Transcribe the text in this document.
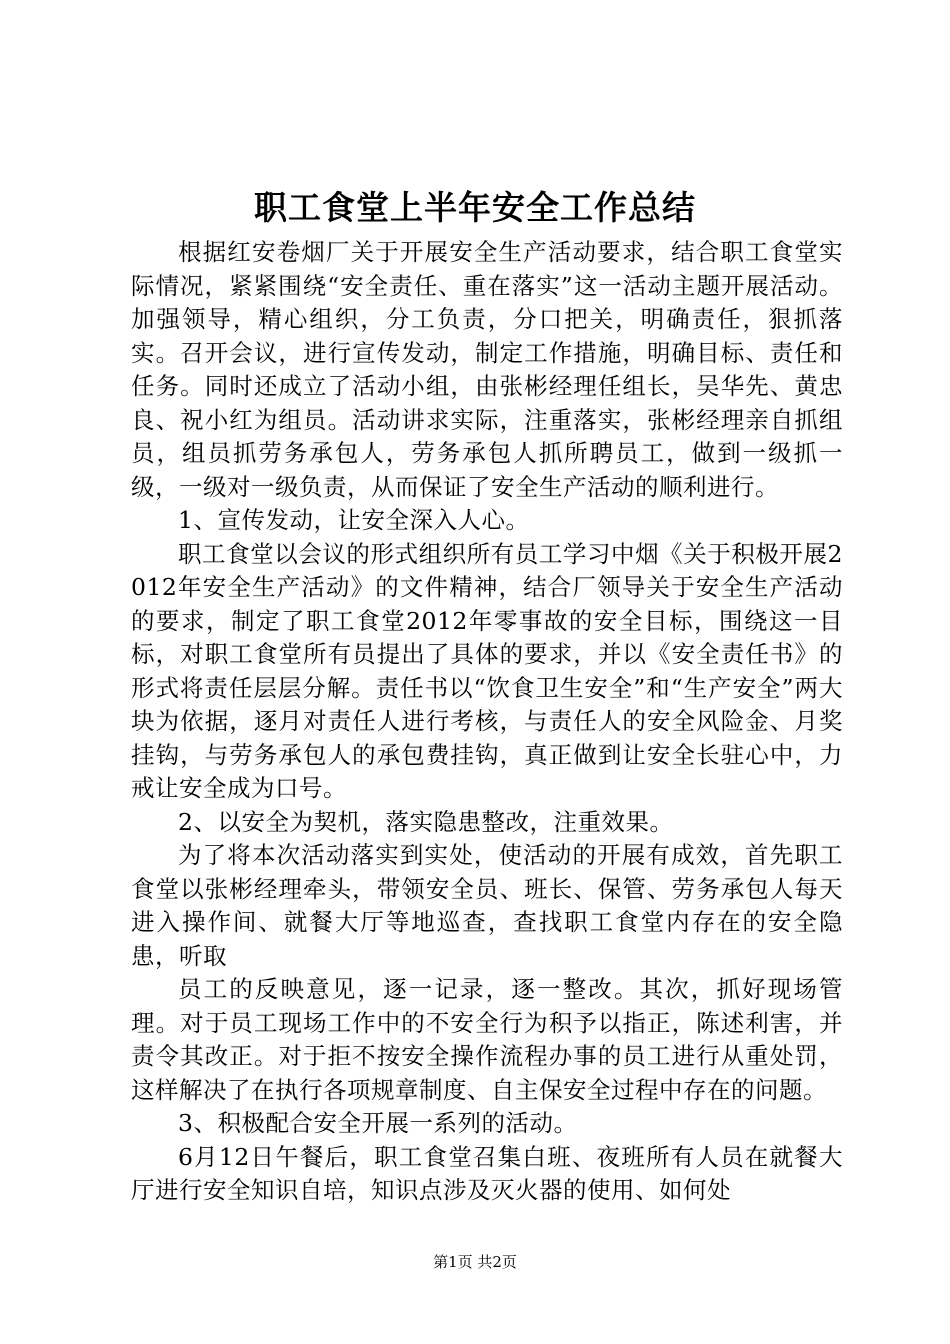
职工食堂上半年安全工作总结

根据红安卷烟厂关于开展安全生产活动要求，结合职工食堂实际情况，紧紧围绕“安全责任、重在落实”这一活动主题开展活动。加强领导，精心组织，分工负责，分口把关，明确责任，狠抓落实。召开会议，进行宣传发动，制定工作措施，明确目标、责任和任务。同时还成立了活动小组，由张彬经理任组长，吴华先、黄忠良、祝小红为组员。活动讲求实际，注重落实，张彬经理亲自抓组员，组员抓劳务承包人，劳务承包人抓所聘员工，做到一级抓一级，一级对一级负责，从而保证了安全生产活动的顺利进行。

1、宣传发动，让安全深入人心。

职工食堂以会议的形式组织所有员工学习中烟《关于积极开展2012年安全生产活动》的文件精神，结合厂领导关于安全生产活动的要求，制定了职工食堂2012年零事故的安全目标，围绕这一目标，对职工食堂所有员提出了具体的要求，并以《安全责任书》的形式将责任层层分解。责任书以“饮食卫生安全”和“生产安全”两大块为依据，逐月对责任人进行考核，与责任人的安全风险金、月奖挂钩，与劳务承包人的承包费挂钩，真正做到让安全长驻心中，力戒让安全成为口号。

2、以安全为契机，落实隐患整改，注重效果。

为了将本次活动落实到实处，使活动的开展有成效，首先职工食堂以张彬经理牵头，带领安全员、班长、保管、劳务承包人每天进入操作间、就餐大厅等地巡查，查找职工食堂内存在的安全隐患，听取

员工的反映意见，逐一记录，逐一整改。其次，抓好现场管理。对于员工现场工作中的不安全行为积予以指正，陈述利害，并责令其改正。对于拒不按安全操作流程办事的员工进行从重处罚，这样解决了在执行各项规章制度、自主保安全过程中存在的问题。

3、积极配合安全开展一系列的活动。

6月12日午餐后，职工食堂召集白班、夜班所有人员在就餐大厅进行安全知识自培，知识点涉及灭火器的使用、如何处

第1页 共2页
